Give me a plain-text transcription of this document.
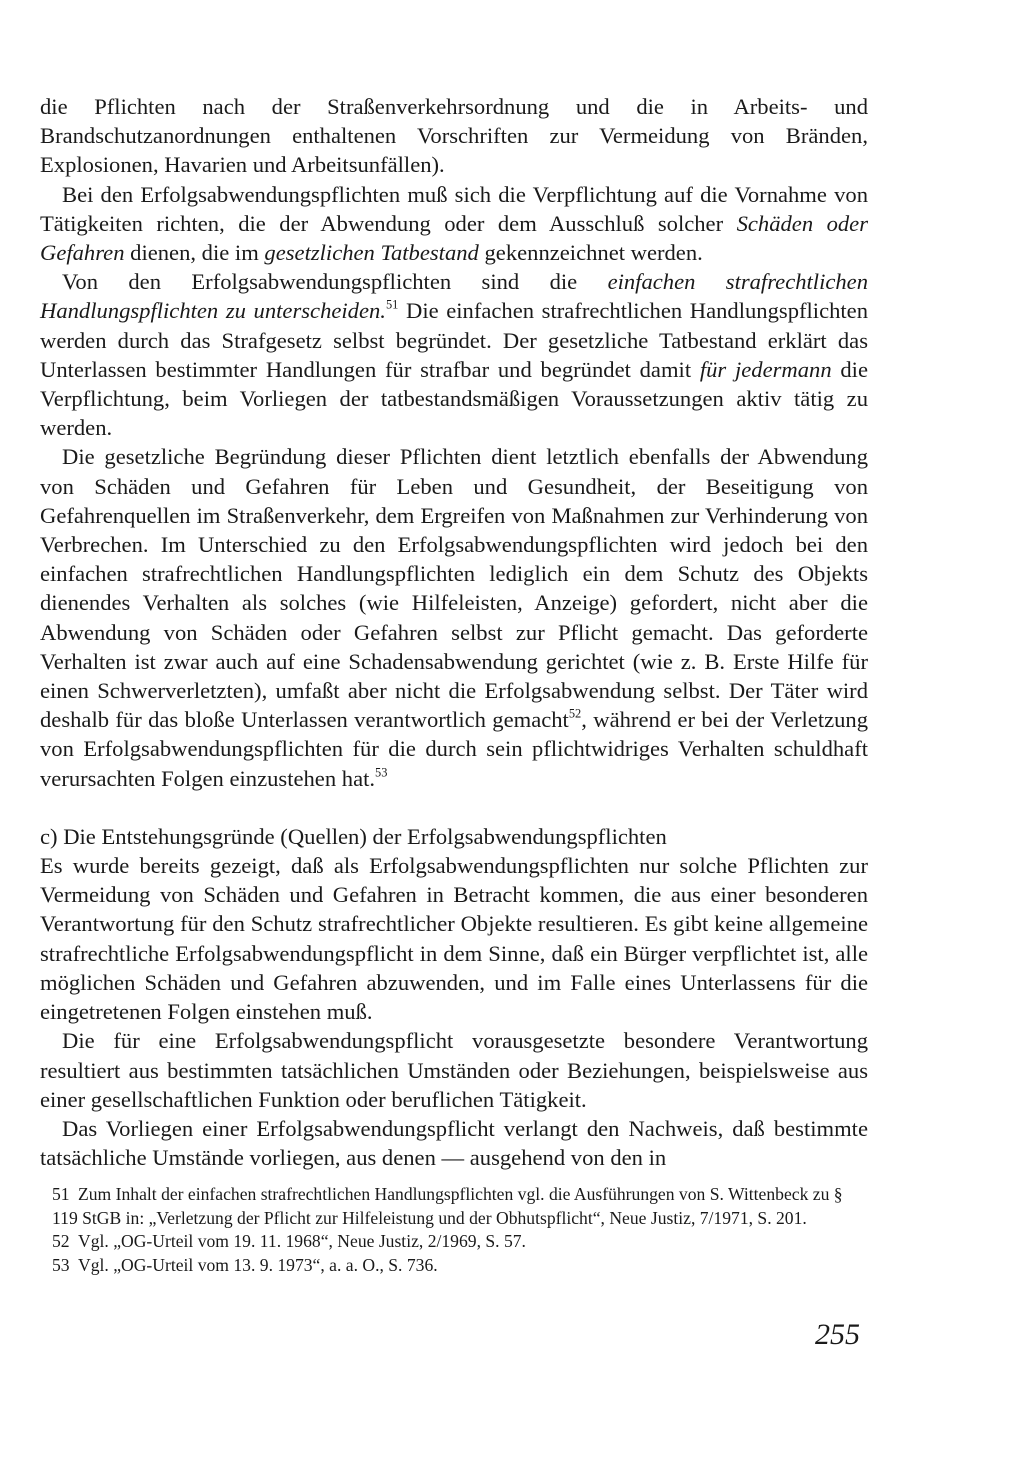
die Pflichten nach der Straßenverkehrsordnung und die in Arbeits- und Brandschutzanordnungen enthaltenen Vorschriften zur Vermeidung von Bränden, Explosionen, Havarien und Arbeitsunfällen).

Bei den Erfolgsabwendungspflichten muß sich die Verpflichtung auf die Vornahme von Tätigkeiten richten, die der Abwendung oder dem Ausschluß solcher Schäden oder Gefahren dienen, die im gesetzlichen Tatbestand gekennzeichnet werden.

Von den Erfolgsabwendungspflichten sind die einfachen strafrechtlichen Handlungspflichten zu unterscheiden.$^{51}$ Die einfachen strafrechtlichen Handlungspflichten werden durch das Strafgesetz selbst begründet. Der gesetzliche Tatbestand erklärt das Unterlassen bestimmter Handlungen für strafbar und begründet damit für jedermann die Verpflichtung, beim Vorliegen der tatbestandsmäßigen Voraussetzungen aktiv tätig zu werden.

Die gesetzliche Begründung dieser Pflichten dient letztlich ebenfalls der Abwendung von Schäden und Gefahren für Leben und Gesundheit, der Beseitigung von Gefahrenquellen im Straßenverkehr, dem Ergreifen von Maßnahmen zur Verhinderung von Verbrechen. Im Unterschied zu den Erfolgsabwendungspflichten wird jedoch bei den einfachen strafrechtlichen Handlungspflichten lediglich ein dem Schutz des Objekts dienendes Verhalten als solches (wie Hilfeleisten, Anzeige) gefordert, nicht aber die Abwendung von Schäden oder Gefahren selbst zur Pflicht gemacht. Das geforderte Verhalten ist zwar auch auf eine Schadensabwendung gerichtet (wie z. B. Erste Hilfe für einen Schwerverletzten), umfaßt aber nicht die Erfolgsabwendung selbst. Der Täter wird deshalb für das bloße Unterlassen verantwortlich gemacht$^{52}$, während er bei der Verletzung von Erfolgsabwendungspflichten für die durch sein pflichtwidriges Verhalten schuldhaft verursachten Folgen einzustehen hat.$^{53}$

c) Die Entstehungsgründe (Quellen) der Erfolgsabwendungspflichten

Es wurde bereits gezeigt, daß als Erfolgsabwendungspflichten nur solche Pflichten zur Vermeidung von Schäden und Gefahren in Betracht kommen, die aus einer besonderen Verantwortung für den Schutz strafrechtlicher Objekte resultieren. Es gibt keine allgemeine strafrechtliche Erfolgsabwendungspflicht in dem Sinne, daß ein Bürger verpflichtet ist, alle möglichen Schäden und Gefahren abzuwenden, und im Falle eines Unterlassens für die eingetretenen Folgen einstehen muß.

Die für eine Erfolgsabwendungspflicht vorausgesetzte besondere Verantwortung resultiert aus bestimmten tatsächlichen Umständen oder Beziehungen, beispielsweise aus einer gesellschaftlichen Funktion oder beruflichen Tätigkeit.

Das Vorliegen einer Erfolgsabwendungspflicht verlangt den Nachweis, daß bestimmte tatsächliche Umstände vorliegen, aus denen — ausgehend von den in

51 Zum Inhalt der einfachen strafrechtlichen Handlungspflichten vgl. die Ausführungen von S. Wittenbeck zu § 119 StGB in: „Verletzung der Pflicht zur Hilfeleistung und der Obhutspflicht“, Neue Justiz, 7/1971, S. 201.

52 Vgl. „OG-Urteil vom 19. 11. 1968“, Neue Justiz, 2/1969, S. 57.

53 Vgl. „OG-Urteil vom 13. 9. 1973“, a. a. O., S. 736.

255
